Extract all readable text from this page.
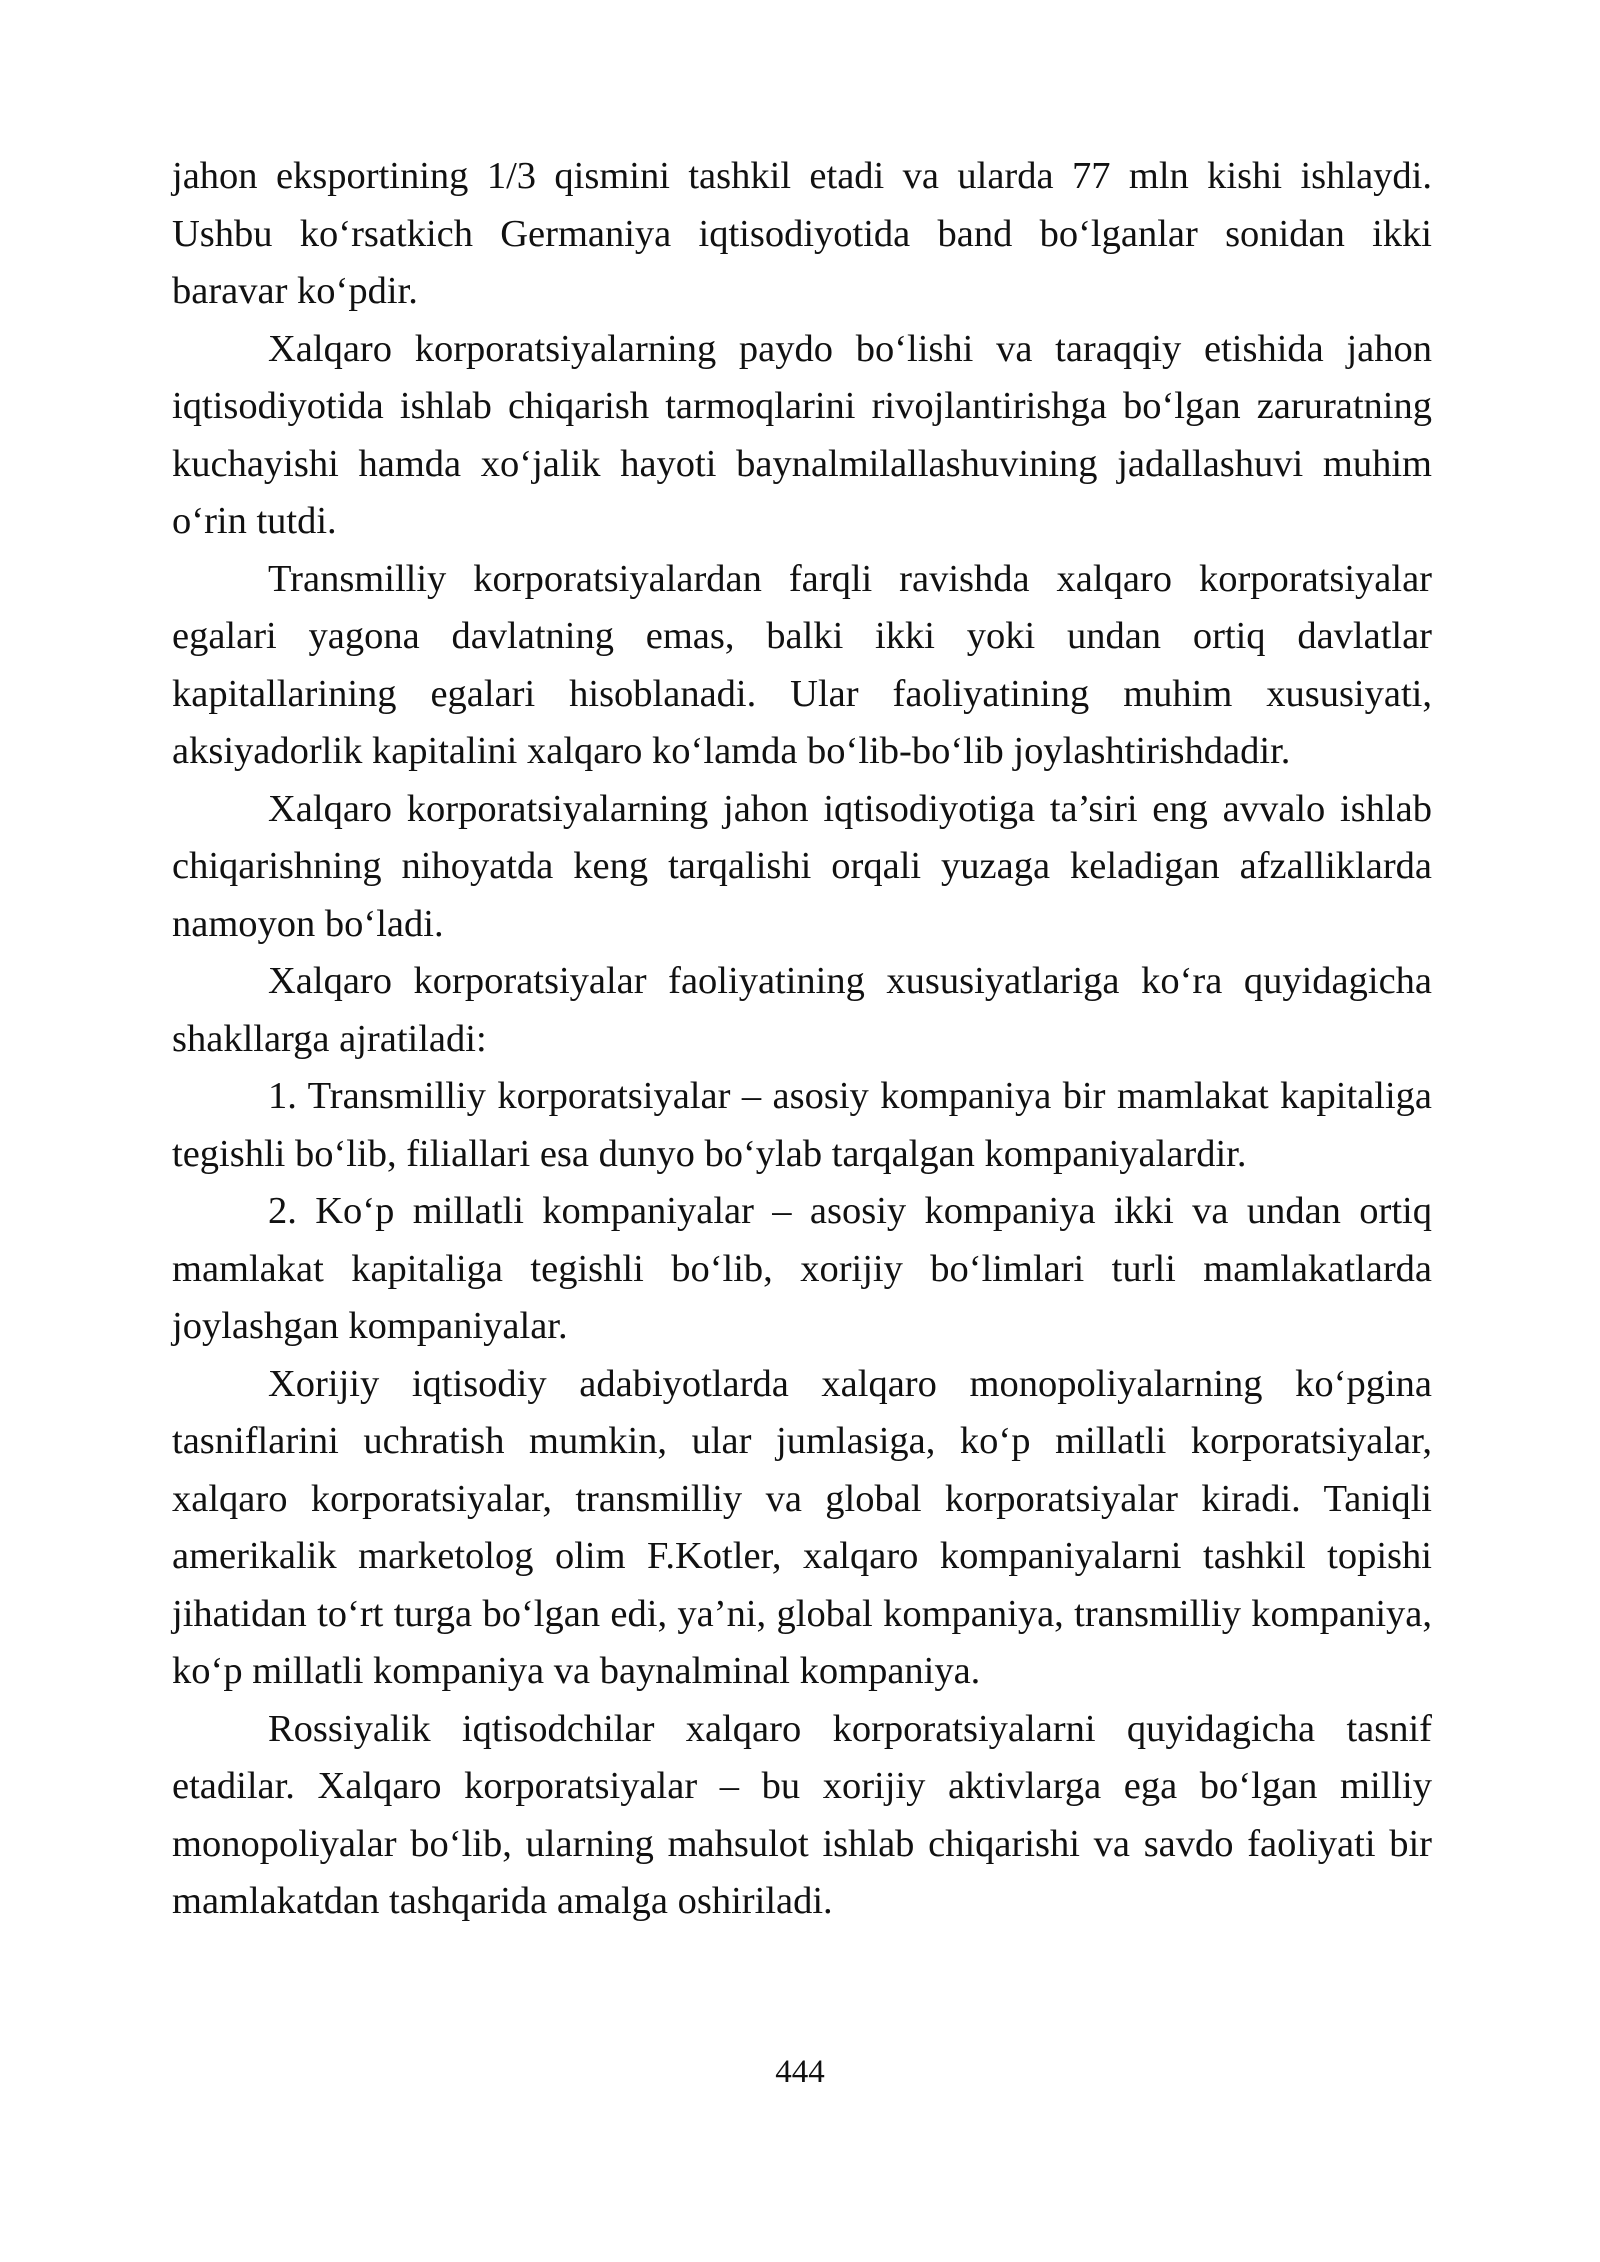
jahon eksportining 1/3 qismini tashkil etadi va ularda 77 mln kishi ishlaydi. Ushbu ko‘rsatkich Germaniya iqtisodiyotida band bo‘lganlar sonidan ikki baravar ko‘pdir.

Xalqaro korporatsiyalarning paydo bo‘lishi va taraqqiy etishida jahon iqtisodiyotida ishlab chiqarish tarmoqlarini rivojlantirishga bo‘lgan zaruratning kuchayishi hamda xo‘jalik hayoti baynalmilallashuvining jadallashuvi muhim o‘rin tutdi.

Transmilliy korporatsiyalardan farqli ravishda xalqaro korporatsiyalar egalari yagona davlatning emas, balki ikki yoki undan ortiq davlatlar kapitallarining egalari hisoblanadi. Ular faoliyatining muhim xususiyati, aksiyadorlik kapitalini xalqaro ko‘lamda bo‘lib-bo‘lib joylashtirishdadir.

Xalqaro korporatsiyalarning jahon iqtisodiyotiga ta’siri eng avvalo ishlab chiqarishning nihoyatda keng tarqalishi orqali yuzaga keladigan afzalliklarda namoyon bo‘ladi.

Xalqaro korporatsiyalar faoliyatining xususiyatlariga ko‘ra quyidagicha shakllarga ajratiladi:

1. Transmilliy korporatsiyalar – asosiy kompaniya bir mamlakat kapitaliga tegishli bo‘lib, filiallari esa dunyo bo‘ylab tarqalgan kompaniyalardir.

2. Ko‘p millatli kompaniyalar – asosiy kompaniya ikki va undan ortiq mamlakat kapitaliga tegishli bo‘lib, xorijiy bo‘limlari turli mamlakatlarda joylashgan kompaniyalar.

Xorijiy iqtisodiy adabiyotlarda xalqaro monopoliyalarning ko‘pgina tasniflarini uchratish mumkin, ular jumlasiga, ko‘p millatli korporatsiyalar, xalqaro korporatsiyalar, transmilliy va global korporatsiyalar kiradi. Taniqli amerikalik marketolog olim F.Kotler, xalqaro kompaniyalarni tashkil topishi jihatidan to‘rt turga bo‘lgan edi, ya’ni, global kompaniya, transmilliy kompaniya, ko‘p millatli kompaniya va baynalminal kompaniya.

Rossiyalik iqtisodchilar xalqaro korporatsiyalarni quyidagicha tasnif etadilar. Xalqaro korporatsiyalar – bu xorijiy aktivlarga ega bo‘lgan milliy monopoliyalar bo‘lib, ularning mahsulot ishlab chiqarishi va savdo faoliyati bir mamlakatdan tashqarida amalga oshiriladi.

444
